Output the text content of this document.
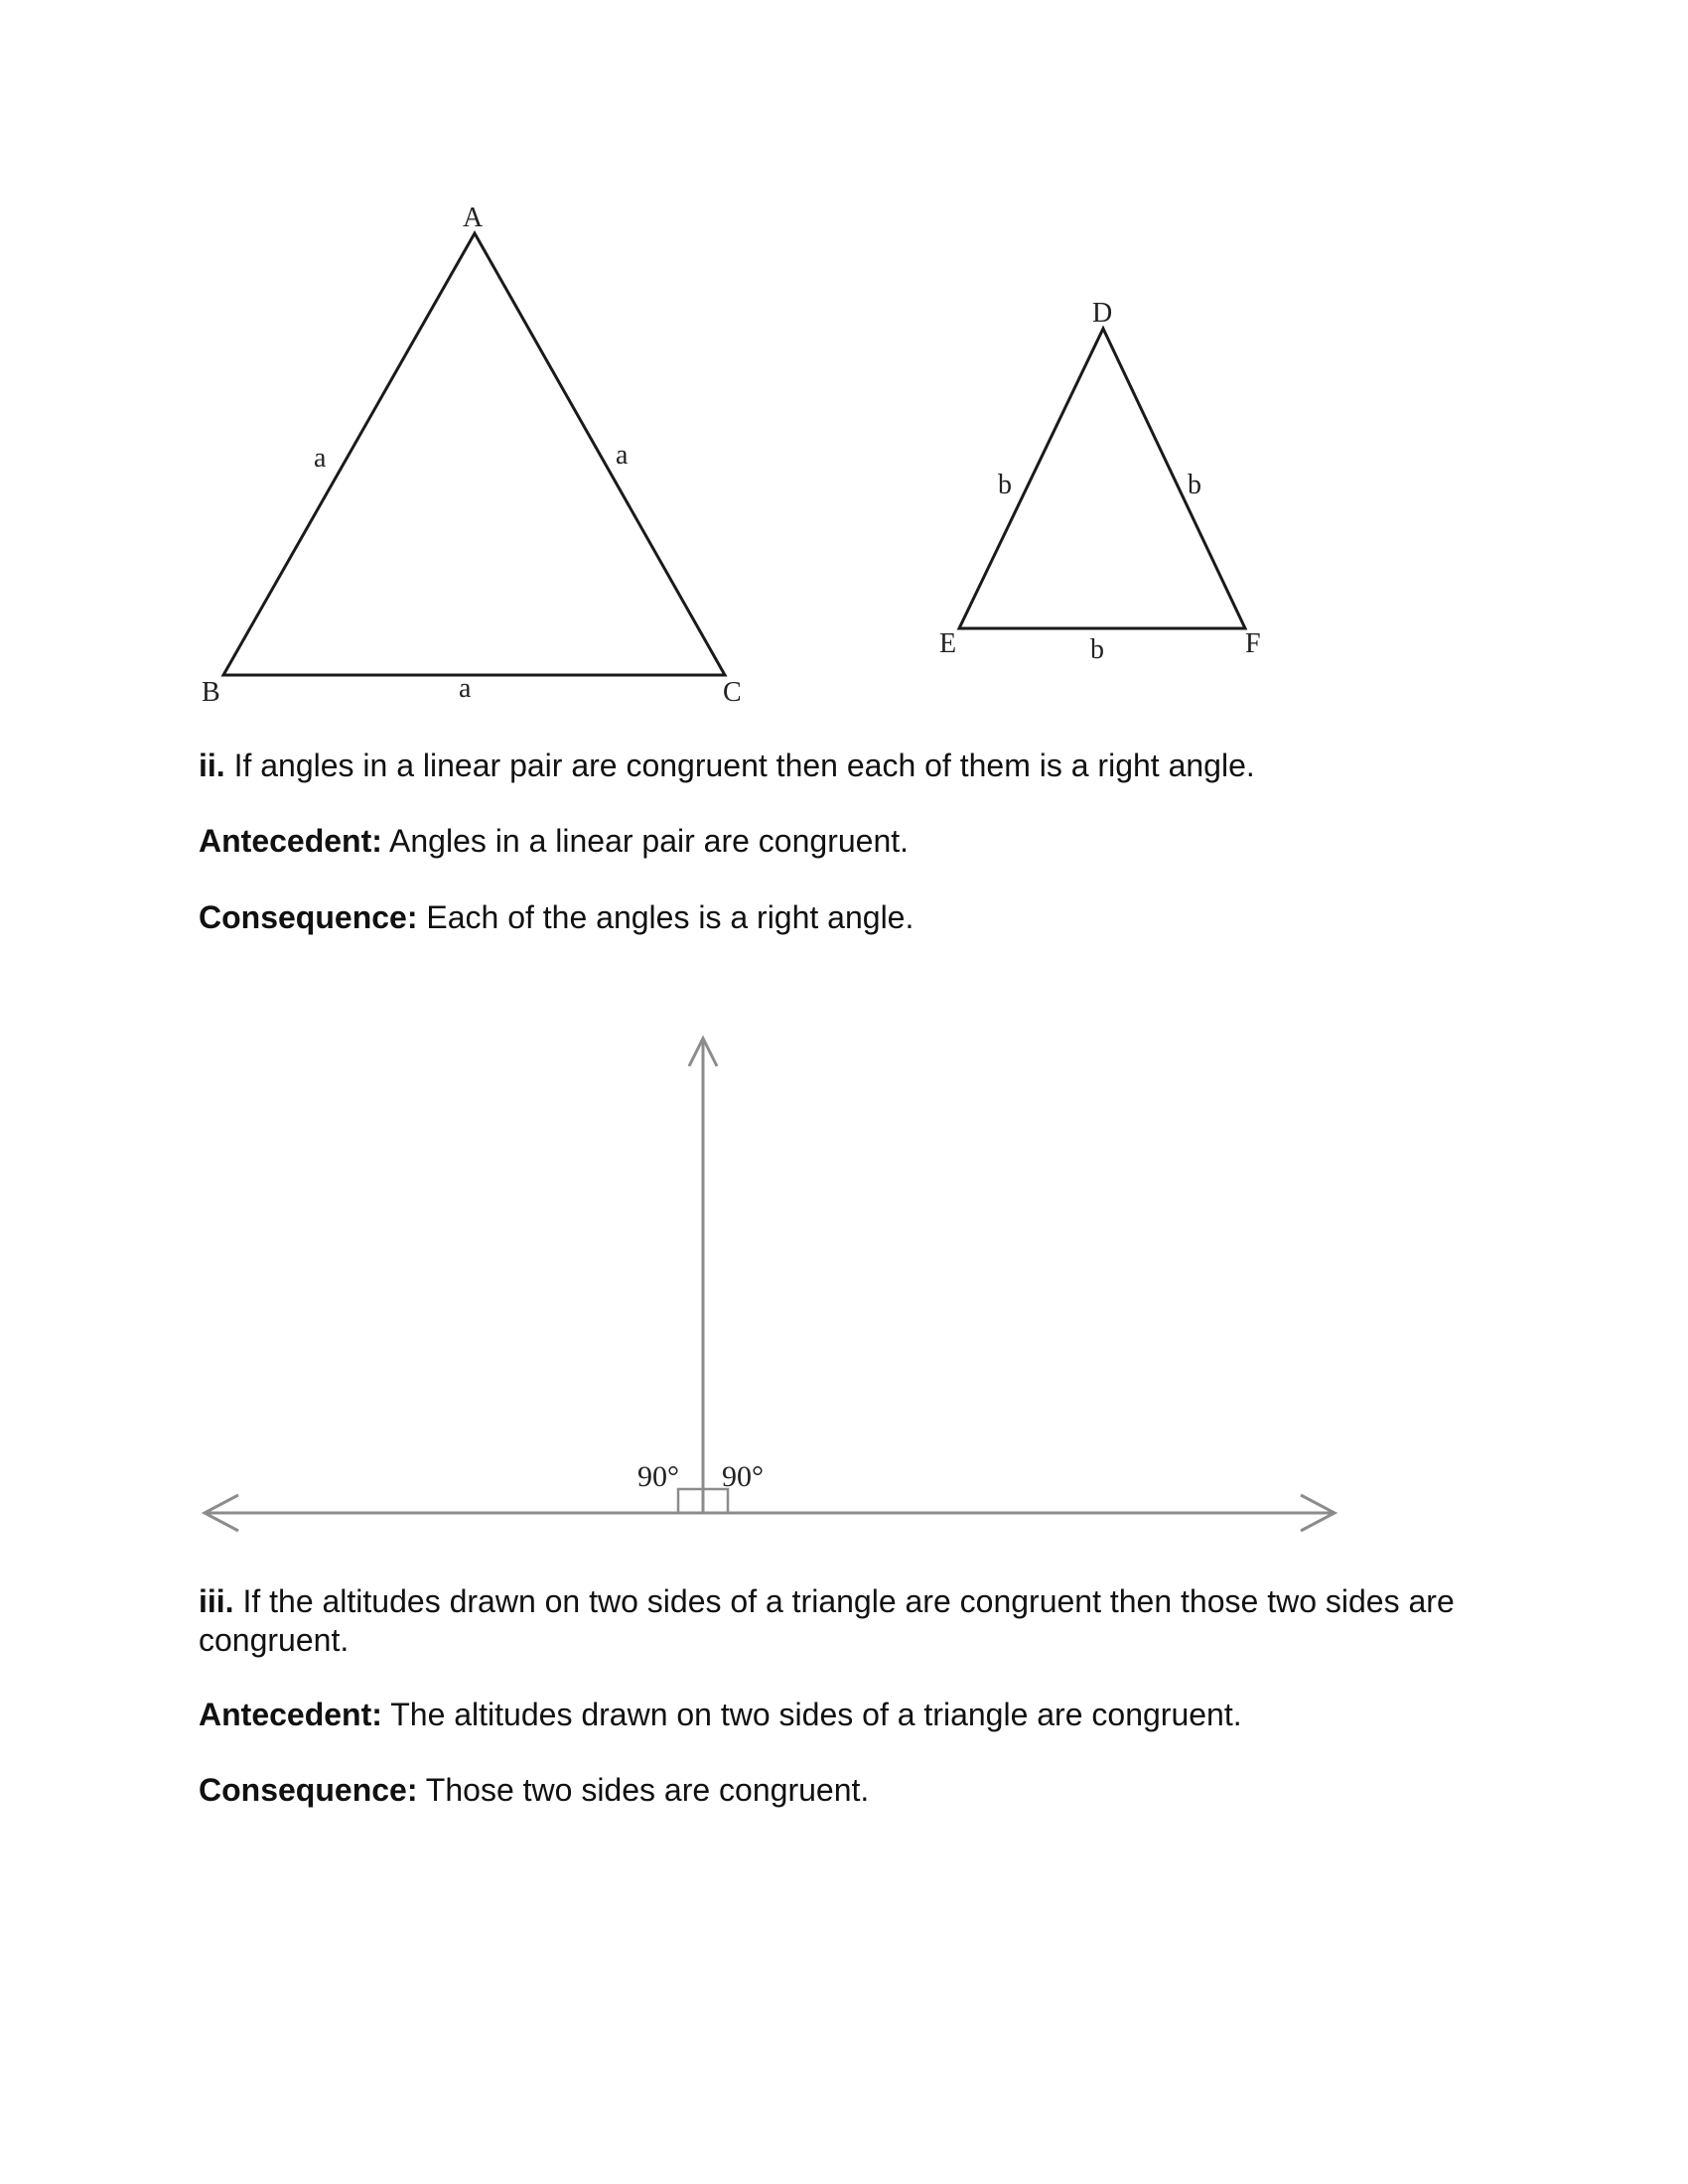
A
B	C
a	a
a
D
E	F
b	b
b

ii. If angles in a linear pair are congruent then each of them is a right angle.

Antecedent: Angles in a linear pair are congruent.

Consequence: Each of the angles is a right angle.

90° 90°

iii. If the altitudes drawn on two sides of a triangle are congruent then those two sides are congruent.

Antecedent: The altitudes drawn on two sides of a triangle are congruent.

Consequence: Those two sides are congruent.
